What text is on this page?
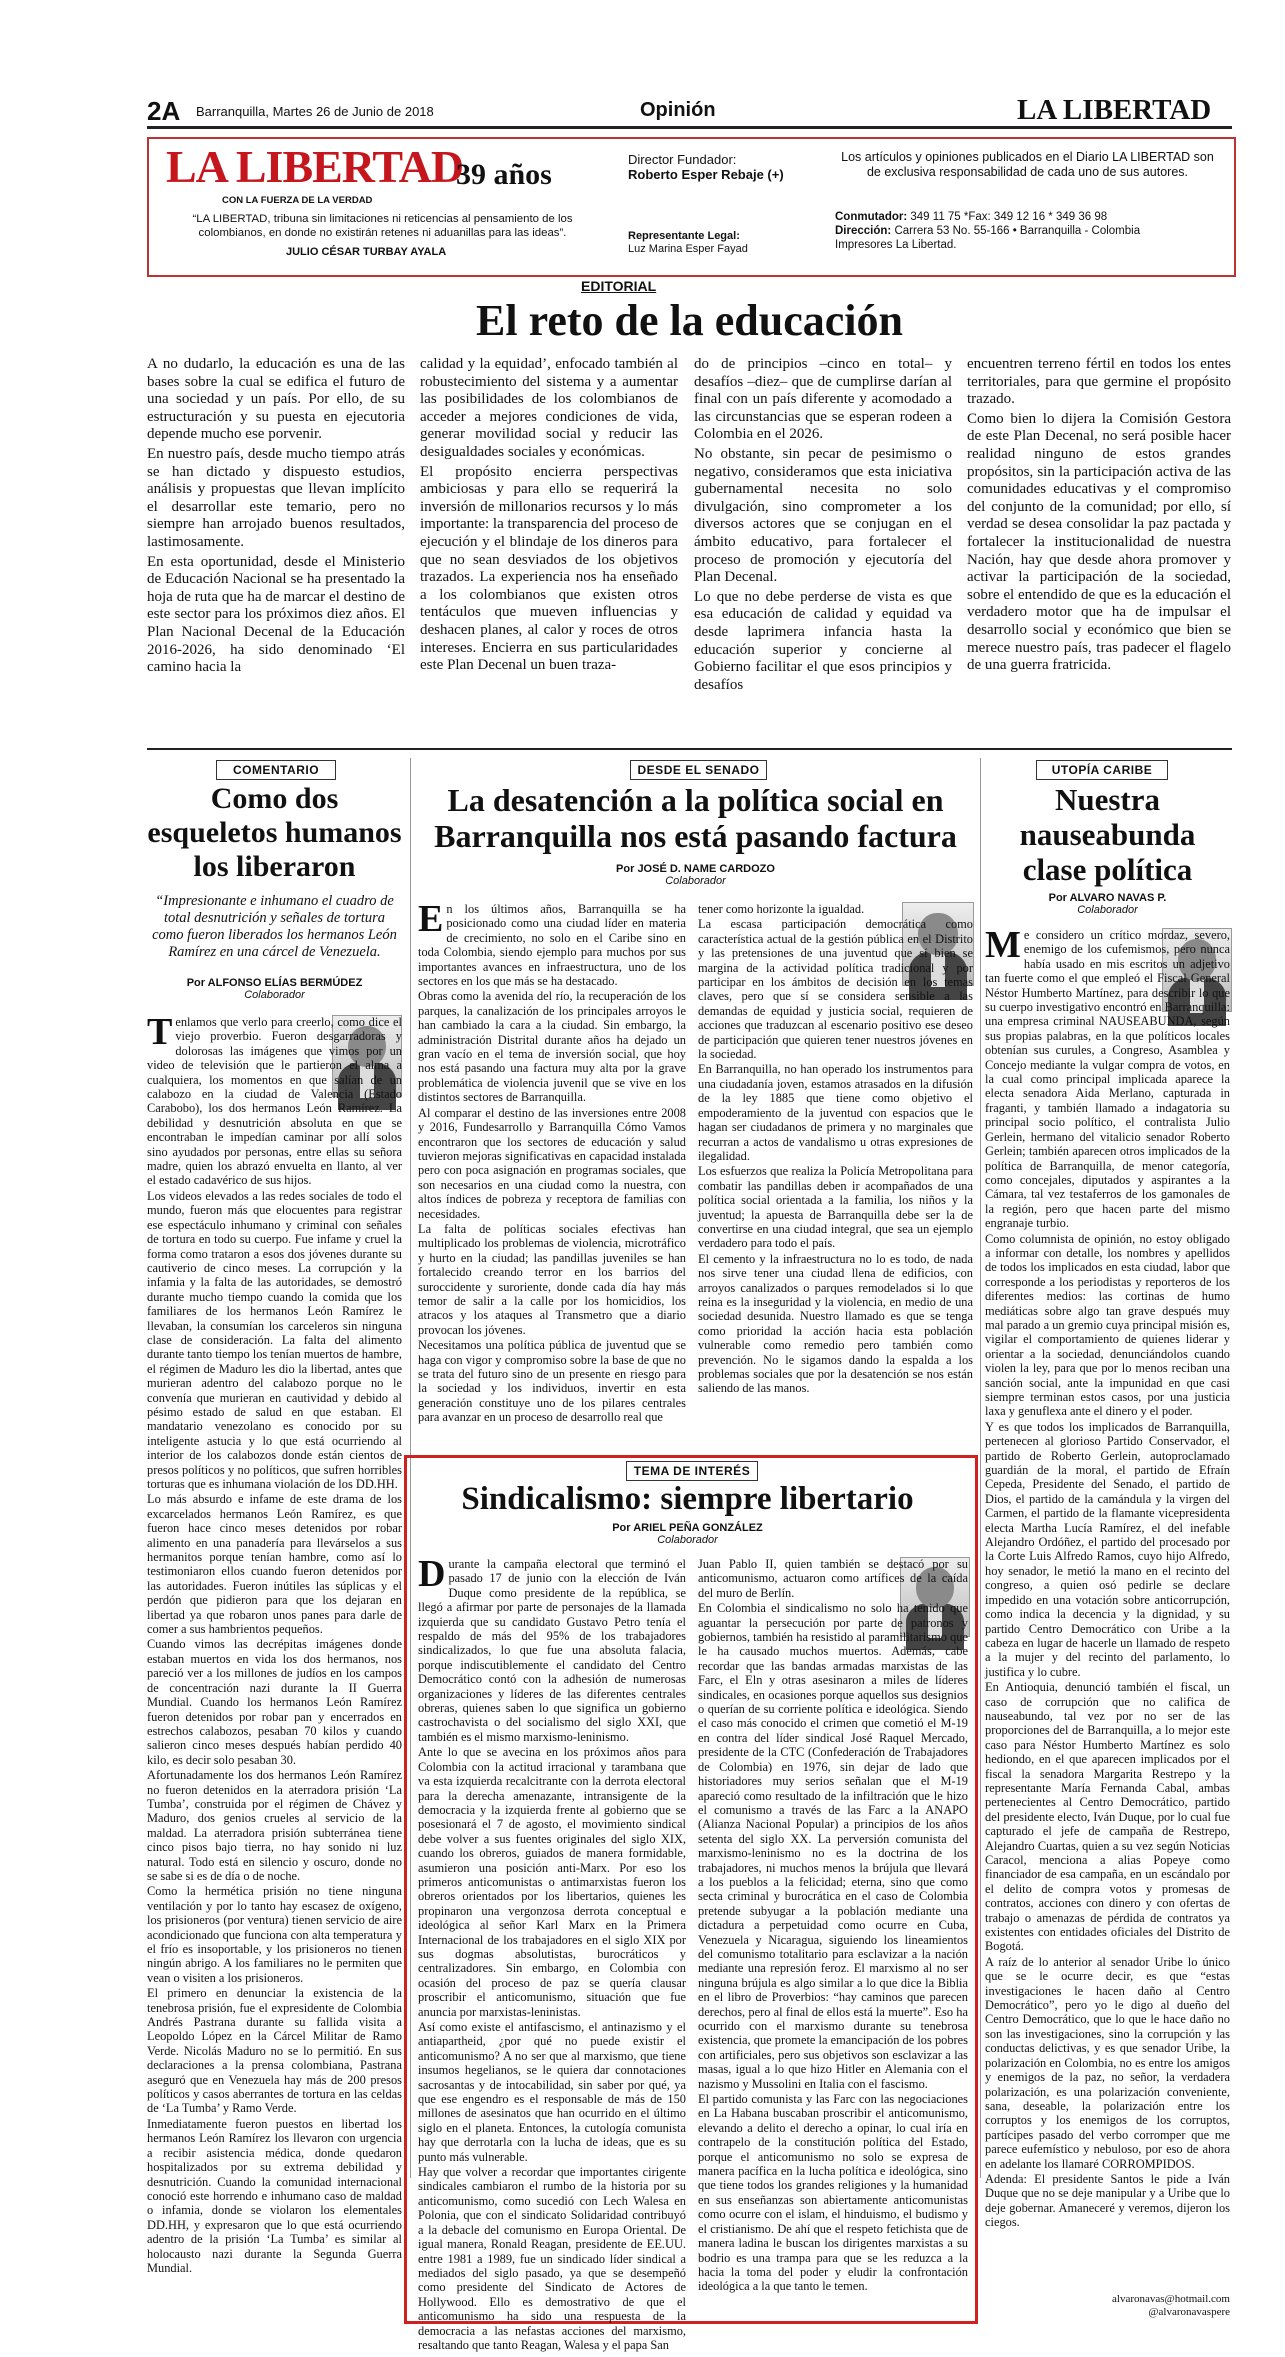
2A Barranquilla, Martes 26 de Junio de 2018	Opinión	LA LIBERTAD
LA LIBERTAD
39 años
CON LA FUERZA DE LA VERDAD
“LA LIBERTAD, tribuna sin limitaciones ni reticencias al pensamiento de los colombianos, en donde no existirán retenes ni aduanillas para las ideas”.
JULIO CÉSAR TURBAY AYALA
Director Fundador:
Roberto Esper Rebaje (+)
Representante Legal:
Luz Marina Esper Fayad
Los artículos y opiniones publicados en el Diario LA LIBERTAD son de exclusiva responsabilidad de cada uno de sus autores.
Conmutador: 349 11 75 *Fax: 349 12 16 * 349 36 98
Dirección: Carrera 53 No. 55-166 • Barranquilla - Colombia
Impresores La Libertad.
EDITORIAL
El reto de la educación

A no dudarlo, la educación es una de las bases sobre la cual se edifica el futuro de una sociedad y un país. Por ello, de su estructuración y su puesta en ejecutoria depende mucho ese porvenir.

En nuestro país, desde mucho tiempo atrás se han dictado y dispuesto estudios, análisis y propuestas que llevan implícito el desarrollar este temario, pero no siempre han arrojado buenos resultados, lastimosamente.

En esta oportunidad, desde el Ministerio de Educación Nacional se ha presentado la hoja de ruta que ha de marcar el destino de este sector para los próximos diez años. El Plan Nacional Decenal de la Educación 2016-2026, ha sido denominado ‘El camino hacia la

calidad y la equidad’, enfocado también al robustecimiento del sistema y a aumentar las posibilidades de los colombianos de acceder a mejores condiciones de vida, generar movilidad social y reducir las desigualdades sociales y económicas.

El propósito encierra perspectivas ambiciosas y para ello se requerirá la inversión de millonarios recursos y lo más importante: la transparencia del proceso de ejecución y el blindaje de los dineros para que no sean desviados de los objetivos trazados. La experiencia nos ha enseñado a los colombianos que existen otros tentáculos que mueven influencias y deshacen planes, al calor y roces de otros intereses. Encierra en sus particularidades este Plan Decenal un buen traza-

do de principios –cinco en total– y desafíos –diez– que de cumplirse darían al final con un país diferente y acomodado a las circunstancias que se esperan rodeen a Colombia en el 2026.

No obstante, sin pecar de pesimismo o negativo, consideramos que esta iniciativa gubernamental necesita no solo divulgación, sino comprometer a los diversos actores que se conjugan en el ámbito educativo, para fortalecer el proceso de promoción y ejecutoría del Plan Decenal.

Lo que no debe perderse de vista es que esa educación de calidad y equidad va desde laprimera infancia hasta la educación superior y concierne al Gobierno facilitar el que esos principios y desafíos

encuentren terreno fértil en todos los entes territoriales, para que germine el propósito trazado.

Como bien lo dijera la Comisión Gestora de este Plan Decenal, no será posible hacer realidad ninguno de estos grandes propósitos, sin la participación activa de las comunidades educativas y el compromiso del conjunto de la comunidad; por ello, sí verdad se desea consolidar la paz pactada y fortalecer la institucionalidad de nuestra Nación, hay que desde ahora promover y activar la participación de la sociedad, sobre el entendido de que es la educación el verdadero motor que ha de impulsar el desarrollo social y económico que bien se merece nuestro país, tras padecer el flagelo de una guerra fratricida.

COMENTARIO
Como dos esqueletos humanos los liberaron
“Impresionante e inhumano el cuadro de total desnutrición y señales de tortura como fueron liberados los hermanos León Ramírez en una cárcel de Venezuela.
Por ALFONSO ELÍAS BERMÚDEZ
Colaborador

Tenlamos que verlo para creerlo, como dice el viejo proverbio. Fueron desgarradoras y dolorosas las imágenes que vimos por un video de televisión que le partieron el alma a cualquiera, los momentos en que salían de un calabozo en la ciudad de Valencia (Estado Carabobo), los dos hermanos León Ramírez. La debilidad y desnutrición absoluta en que se encontraban le impedían caminar por allí solos sino ayudados por personas, entre ellas su señora madre, quien los abrazó envuelta en llanto, al ver el estado cadavérico de sus hijos.

Los videos elevados a las redes sociales de todo el mundo, fueron más que elocuentes para registrar ese espectáculo inhumano y criminal con señales de tortura en todo su cuerpo. Fue infame y cruel la forma como trataron a esos dos jóvenes durante su cautiverio de cinco meses. La corrupción y la infamia y la falta de las autoridades, se demostró durante mucho tiempo cuando la comida que los familiares de los hermanos León Ramírez le llevaban, la consumían los carceleros sin ninguna clase de consideración. La falta del alimento durante tanto tiempo los tenían muertos de hambre, el régimen de Maduro les dio la libertad, antes que murieran adentro del calabozo porque no le convenía que murieran en cautividad y debido al pésimo estado de salud en que estaban. El mandatario venezolano es conocido por su inteligente astucia y lo que está ocurriendo al interior de los calabozos donde están cientos de presos políticos y no políticos, que sufren horribles torturas que es inhumana violación de los DD.HH.

Lo más absurdo e infame de este drama de los excarcelados hermanos León Ramírez, es que fueron hace cinco meses detenidos por robar alimento en una panadería para llevárselos a sus hermanitos porque tenían hambre, como así lo testimoniaron ellos cuando fueron detenidos por las autoridades. Fueron inútiles las súplicas y el perdón que pidieron para que los dejaran en libertad ya que robaron unos panes para darle de comer a sus hambrientos pequeños.

Cuando vimos las decrépitas imágenes donde estaban muertos en vida los dos hermanos, nos pareció ver a los millones de judíos en los campos de concentración nazi durante la II Guerra Mundial. Cuando los hermanos León Ramírez fueron detenidos por robar pan y encerrados en estrechos calabozos, pesaban 70 kilos y cuando salieron cinco meses después habían perdido 40 kilo, es decir solo pesaban 30.

Afortunadamente los dos hermanos León Ramírez no fueron detenidos en la aterradora prisión ‘La Tumba’, construida por el régimen de Chávez y Maduro, dos genios crueles al servicio de la maldad. La aterradora prisión subterránea tiene cinco pisos bajo tierra, no hay sonido ni luz natural. Todo está en silencio y oscuro, donde no se sabe si es de día o de noche.

Como la hermética prisión no tiene ninguna ventilación y por lo tanto hay escasez de oxígeno, los prisioneros (por ventura) tienen servicio de aire acondicionado que funciona con alta temperatura y el frío es insoportable, y los prisioneros no tienen ningún abrigo. A los familiares no le permiten que vean o visiten a los prisioneros.

El primero en denunciar la existencia de la tenebrosa prisión, fue el expresidente de Colombia Andrés Pastrana durante su fallida visita a Leopoldo López en la Cárcel Militar de Ramo Verde. Nicolás Maduro no se lo permitió. En sus declaraciones a la prensa colombiana, Pastrana aseguró que en Venezuela hay más de 200 presos políticos y casos aberrantes de tortura en las celdas de ‘La Tumba’ y Ramo Verde.

Inmediatamente fueron puestos en libertad los hermanos León Ramírez los llevaron con urgencia a recibir asistencia médica, donde quedaron hospitalizados por su extrema debilidad y desnutrición. Cuando la comunidad internacional conoció este horrendo e inhumano caso de maldad o infamia, donde se violaron los elementales DD.HH, y expresaron que lo que está ocurriendo adentro de la prisión ‘La Tumba’ es similar al holocausto nazi durante la Segunda Guerra Mundial.

DESDE EL SENADO
La desatención a la política social en Barranquilla nos está pasando factura
Por JOSÉ D. NAME CARDOZO
Colaborador

En los últimos años, Barranquilla se ha posicionado como una ciudad líder en materia de crecimiento, no solo en el Caribe sino en toda Colombia, siendo ejemplo para muchos por sus importantes avances en infraestructura, uno de los sectores en los que más se ha destacado.

Obras como la avenida del río, la recuperación de los parques, la canalización de los principales arroyos le han cambiado la cara a la ciudad. Sin embargo, la administración Distrital durante años ha dejado un gran vacío en el tema de inversión social, que hoy nos está pasando una factura muy alta por la grave problemática de violencia juvenil que se vive en los distintos sectores de Barranquilla.

Al comparar el destino de las inversiones entre 2008 y 2016, Fundesarrollo y Barranquilla Cómo Vamos encontraron que los sectores de educación y salud tuvieron mejoras significativas en capacidad instalada pero con poca asignación en programas sociales, que son necesarios en una ciudad como la nuestra, con altos índices de pobreza y receptora de familias con necesidades.

La falta de políticas sociales efectivas han multiplicado los problemas de violencia, microtráfico y hurto en la ciudad; las pandillas juveniles se han fortalecido creando terror en los barrios del suroccidente y suroriente, donde cada día hay más temor de salir a la calle por los homicidios, los atracos y los ataques al Transmetro que a diario provocan los jóvenes.

Necesitamos una política pública de juventud que se haga con vigor y compromiso sobre la base de que no se trata del futuro sino de un presente en riesgo para la sociedad y los individuos, invertir en esta generación constituye uno de los pilares centrales para avanzar en un proceso de desarrollo real que

tener como horizonte la igualdad.

La escasa participación democrática como característica actual de la gestión pública en el Distrito y las pretensiones de una juventud que sí bien se margina de la actividad política tradicional y por participar en los ámbitos de decisión en los temas claves, pero que sí se considera sensible a las demandas de equidad y justicia social, requieren de acciones que traduzcan al escenario positivo ese deseo de participación que quieren tener nuestros jóvenes en la sociedad.

En Barranquilla, no han operado los instrumentos para una ciudadanía joven, estamos atrasados en la difusión de la ley 1885 que tiene como objetivo el empoderamiento de la juventud con espacios que le hagan ser ciudadanos de primera y no marginales que recurran a actos de vandalismo u otras expresiones de ilegalidad.

Los esfuerzos que realiza la Policía Metropolitana para combatir las pandillas deben ir acompañados de una política social orientada a la familia, los niños y la juventud; la apuesta de Barranquilla debe ser la de convertirse en una ciudad integral, que sea un ejemplo verdadero para todo el país.

El cemento y la infraestructura no lo es todo, de nada nos sirve tener una ciudad llena de edificios, con arroyos canalizados o parques remodelados si lo que reina es la inseguridad y la violencia, en medio de una sociedad desunida. Nuestro llamado es que se tenga como prioridad la acción hacia esta población vulnerable como remedio pero también como prevención. No le sigamos dando la espalda a los problemas sociales que por la desatención se nos están saliendo de las manos.

UTOPÍA CARIBE
Nuestra nauseabunda clase política
Por ALVARO NAVAS P.
Colaborador

Me considero un crítico mordaz, severo, enemigo de los cufemismos, pero nunca había usado en mis escritos un adjetivo tan fuerte como el que empleó el Fiscal General Néstor Humberto Martínez, para describir lo que su cuerpo investigativo encontró en Barranquilla: una empresa criminal NAUSEABUNDA, según sus propias palabras, en la que políticos locales obtenían sus curules, a Congreso, Asamblea y Concejo mediante la vulgar compra de votos, en la cual como principal implicada aparece la electa senadora Aida Merlano, capturada in fraganti, y también llamado a indagatoria su principal socio político, el contralista Julio Gerlein, hermano del vitalicio senador Roberto Gerlein; también aparecen otros implicados de la política de Barranquilla, de menor categoría, como concejales, diputados y aspirantes a la Cámara, tal vez testaferros de los gamonales de la región, pero que hacen parte del mismo engranaje turbio.

Como columnista de opinión, no estoy obligado a informar con detalle, los nombres y apellidos de todos los implicados en esta ciudad, labor que corresponde a los periodistas y reporteros de los diferentes medios: las cortinas de humo mediáticas sobre algo tan grave después muy mal parado a un gremio cuya principal misión es, vigilar el comportamiento de quienes liderar y orientar a la sociedad, denunciándolos cuando violen la ley, para que por lo menos reciban una sanción social, ante la impunidad en que casi siempre terminan estos casos, por una justicia laxa y genuflexa ante el dinero y el poder.

Y es que todos los implicados de Barranquilla, pertenecen al glorioso Partido Conservador, el partido de Roberto Gerlein, autoproclamado guardián de la moral, el partido de Efraín Cepeda, Presidente del Senado, el partido de Dios, el partido de la camándula y la virgen del Carmen, el partido de la flamante vicepresidenta electa Martha Lucía Ramírez, el del inefable Alejandro Ordóñez, el partido del procesado por la Corte Luis Alfredo Ramos, cuyo hijo Alfredo, hoy senador, le metió la mano en el recinto del congreso, a quien osó pedirle se declare impedido en una votación sobre anticorrupción, como indica la decencia y la dignidad, y su partido Centro Democrático con Uribe a la cabeza en lugar de hacerle un llamado de respeto a la mujer y del recinto del parlamento, lo justifica y lo cubre.

En Antioquia, denunció también el fiscal, un caso de corrupción que no califica de nauseabundo, tal vez por no ser de las proporciones del de Barranquilla, a lo mejor este caso para Néstor Humberto Martínez es solo hediondo, en el que aparecen implicados por el fiscal la senadora Margarita Restrepo y la representante María Fernanda Cabal, ambas pertenecientes al Centro Democrático, partido del presidente electo, Iván Duque, por lo cual fue capturado el jefe de campaña de Restrepo, Alejandro Cuartas, quien a su vez según Noticias Caracol, menciona a alias Popeye como financiador de esa campaña, en un escándalo por el delito de compra votos y promesas de contratos, acciones con dinero y con ofertas de trabajo o amenazas de pérdida de contratos ya existentes con entidades oficiales del Distrito de Bogotá.

A raíz de lo anterior al senador Uribe lo único que se le ocurre decir, es que “estas investigaciones le hacen daño al Centro Democrático”, pero yo le digo al dueño del Centro Democrático, que lo que le hace daño no son las investigaciones, sino la corrupción y las conductas delictivas, y es que senador Uribe, la polarización en Colombia, no es entre los amigos y enemigos de la paz, no señor, la verdadera polarización, es una polarización conveniente, sana, deseable, la polarización entre los corruptos y los enemigos de los corruptos, partícipes pasado del verbo corromper que me parece eufemístico y nebuloso, por eso de ahora en adelante los llamaré CORROMPIDOS.

Adenda: El presidente Santos le pide a Iván Duque que no se deje manipular y a Uribe que lo deje gobernar. Amaneceré y veremos, dijeron los ciegos.

alvaronavas@hotmail.com
@alvaronavaspere
TEMA DE INTERÉS
Sindicalismo: siempre libertario
Por ARIEL PEÑA GONZÁLEZ
Colaborador

Durante la campaña electoral que terminó el pasado 17 de junio con la elección de Iván Duque como presidente de la república, se llegó a afirmar por parte de personajes de la llamada izquierda que su candidato Gustavo Petro tenía el respaldo de más del 95% de los trabajadores sindicalizados, lo que fue una absoluta falacia, porque indiscutiblemente el candidato del Centro Democrático contó con la adhesión de numerosas organizaciones y líderes de las diferentes centrales obreras, quienes saben lo que significa un gobierno castrochavista o del socialismo del siglo XXI, que también es el mismo marxismo-leninismo.

Ante lo que se avecina en los próximos años para Colombia con la actitud irracional y tarambana que va esta izquierda recalcitrante con la derrota electoral para la derecha amenazante, intransigente de la democracia y la izquierda frente al gobierno que se posesionará el 7 de agosto, el movimiento sindical debe volver a sus fuentes originales del siglo XIX, cuando los obreros, guiados de manera formidable, asumieron una posición anti-Marx. Por eso los primeros anticomunistas o antimarxistas fueron los obreros orientados por los libertarios, quienes les propinaron una vergonzosa derrota conceptual e ideológica al señor Karl Marx en la Primera Internacional de los trabajadores en el siglo XIX por sus dogmas absolutistas, burocráticos y centralizadores. Sin embargo, en Colombia con ocasión del proceso de paz se quería clausar proscribir el anticomunismo, situación que fue anuncia por marxistas-leninistas.

Así como existe el antifascismo, el antinazismo y el antiapartheid, ¿por qué no puede existir el anticomunismo? A no ser que al marxismo, que tiene insumos hegelianos, se le quiera dar connotaciones sacrosantas y de intocabilidad, sin saber por qué, ya que ese engendro es el responsable de más de 150 millones de asesinatos que han ocurrido en el último siglo en el planeta. Entonces, la cutología comunista hay que derrotarla con la lucha de ideas, que es su punto más vulnerable.

Hay que volver a recordar que importantes cirigente sindicales cambiaron el rumbo de la historia por su anticomunismo, como sucedió con Lech Walesa en Polonia, que con el sindicato Solidaridad contribuyó a la debacle del comunismo en Europa Oriental. De igual manera, Ronald Reagan, presidente de EE.UU. entre 1981 a 1989, fue un sindicado líder sindical a mediados del siglo pasado, ya que se desempeñó como presidente del Sindicato de Actores de Hollywood. Ello es demostrativo de que el anticomunismo ha sido una respuesta de la democracia a las nefastas acciones del marxismo, resaltando que tanto Reagan, Walesa y el papa San

Juan Pablo II, quien también se destacó por su anticomunismo, actuaron como artífices de la caída del muro de Berlín.

En Colombia el sindicalismo no solo ha tenido que aguantar la persecución por parte de patronos y gobiernos, también ha resistido al paramilitarismo que le ha causado muchos muertos. Además, cabe recordar que las bandas armadas marxistas de las Farc, el Eln y otras asesinaron a miles de líderes sindicales, en ocasiones porque aquellos sus designios o querían de su corriente política e ideológica. Siendo el caso más conocido el crimen que cometió el M-19 en contra del líder sindical José Raquel Mercado, presidente de la CTC (Confederación de Trabajadores de Colombia) en 1976, sin dejar de lado que historiadores muy serios señalan que el M-19 apareció como resultado de la infiltración que le hizo el comunismo a través de las Farc a la ANAPO (Alianza Nacional Popular) a principios de los años setenta del siglo XX. La perversión comunista del marxismo-leninismo no es la doctrina de los trabajadores, ni muchos menos la brújula que llevará a los pueblos a la felicidad; eterna, sino que como secta criminal y burocrática en el caso de Colombia pretende subyugar a la población mediante una dictadura a perpetuidad como ocurre en Cuba, Venezuela y Nicaragua, siguiendo los lineamientos del comunismo totalitario para esclavizar a la nación mediante una represión feroz. El marxismo al no ser ninguna brújula es algo similar a lo que dice la Biblia en el libro de Proverbios: “hay caminos que parecen derechos, pero al final de ellos está la muerte”. Eso ha ocurrido con el marxismo durante su tenebrosa existencia, que promete la emancipación de los pobres con artificiales, pero sus objetivos son esclavizar a las masas, igual a lo que hizo Hitler en Alemania con el nazismo y Mussolini en Italia con el fascismo.

El partido comunista y las Farc con las negociaciones en La Habana buscaban proscribir el anticomunismo, elevando a delito el derecho a opinar, lo cual iría en contrapelo de la constitución política del Estado, porque el anticomunismo no solo se expresa de manera pacífica en la lucha política e ideológica, sino que tiene todos los grandes religiones y la humanidad en sus enseñanzas son abiertamente anticomunistas como ocurre con el islam, el hinduismo, el budismo y el cristianismo. De ahí que el respeto fetichista que de manera ladina le buscan los dirigentes marxistas a su bodrio es una trampa para que se les reduzca a la hacia la toma del poder y eludir la confrontación ideológica a la que tanto le temen.
